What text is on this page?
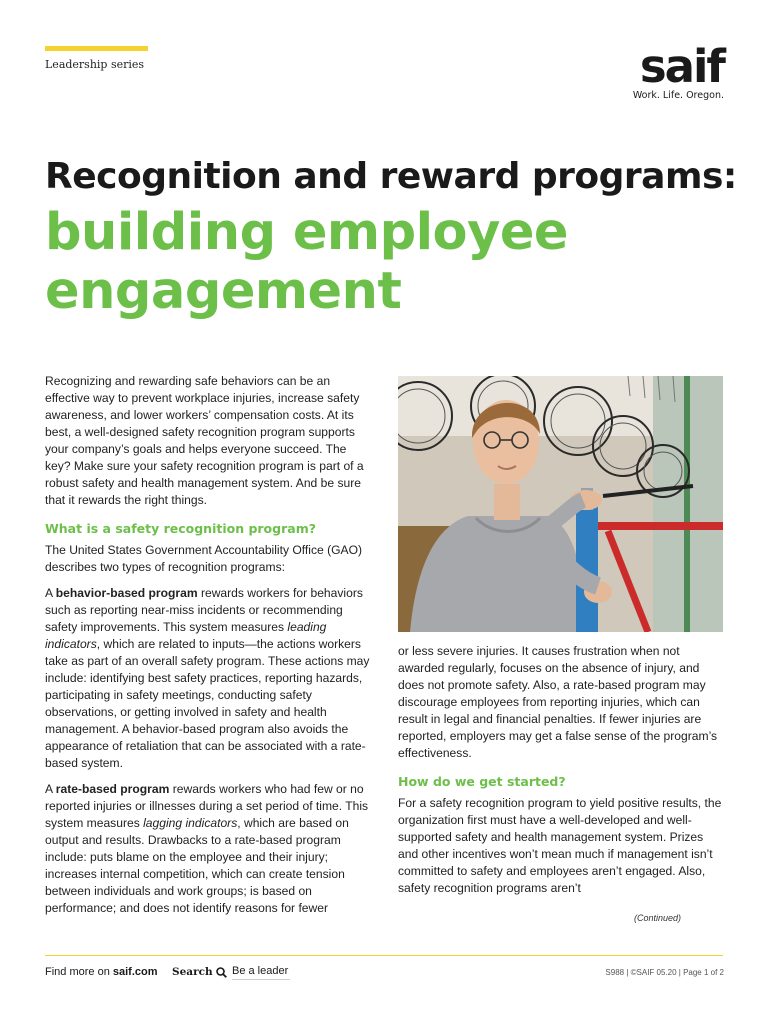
Leadership series	saif
Work. Life. Oregon.
Recognition and reward programs:
building employee engagement

Recognizing and rewarding safe behaviors can be an effective way to prevent workplace injuries, increase safety awareness, and lower workers’ compensation costs. At its best, a well-designed safety recognition program supports your company’s goals and helps everyone succeed. The key? Make sure your safety recognition program is part of a robust safety and health management system. And be sure that it rewards the right things.

What is a safety recognition program?

The United States Government Accountability Office (GAO) describes two types of recognition programs:

A behavior-based program rewards workers for behaviors such as reporting near-miss incidents or recommending safety improvements. This system measures leading indicators, which are related to inputs—the actions workers take as part of an overall safety program. These actions may include: identifying best safety practices, reporting hazards, participating in safety meetings, conducting safety observations, or getting involved in safety and health management. A behavior-based program also avoids the appearance of retaliation that can be associated with a rate-based system.

A rate-based program rewards workers who had few or no reported injuries or illnesses during a set period of time. This system measures lagging indicators, which are based on output and results. Drawbacks to a rate-based program include: puts blame on the employee and their injury; increases internal competition, which can create tension between individuals and work groups; is based on performance; and does not identify reasons for fewer

or less severe injuries. It causes frustration when not awarded regularly, focuses on the absence of injury, and does not promote safety. Also, a rate-based program may discourage employees from reporting injuries, which can result in legal and financial penalties. If fewer injuries are reported, employers may get a false sense of the program’s effectiveness.

How do we get started?

For a safety recognition program to yield positive results, the organization first must have a well-developed and well-supported safety and health management system. Prizes and other incentives won’t mean much if management isn’t committed to safety and employees aren’t engaged. Also, safety recognition programs aren’t

(Continued)
Find more on saif.com Search Be a leader	S988 | ©SAIF 05.20 | Page 1 of 2
